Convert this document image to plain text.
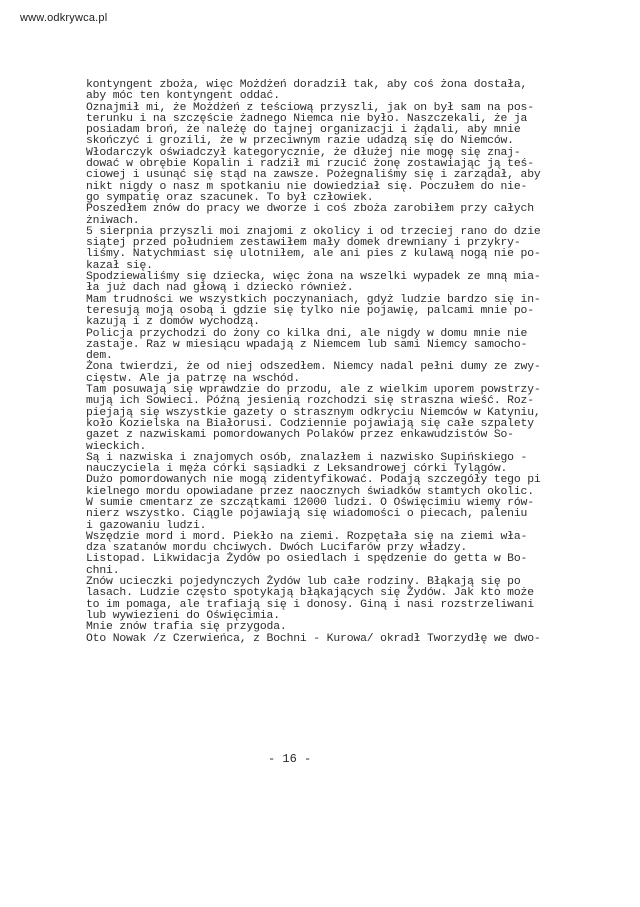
www.odkrywca.pl
kontyngent zboża, więc Możdżeń doradził tak, aby coś żona dostała,
aby móc ten kontyngent oddać.
Oznajmił mi, że Możdżeń z teściową przyszli, jak on był sam na pos-
terunku i na szczęście żadnego Niemca nie było. Naszczekali, że ja
posiadam broń, że należę do tajnej organizacji i żądali, aby mnie
skończyć i grozili, że w przeciwnym razie udadzą się do Niemców.
Włodarczyk oświadczył kategorycznie, że dłużej nie mogę się znaj-
dować w obrębie Kopalin i radził mi rzucić żonę zostawiając ją teś-
ciowej i usunąć się stąd na zawsze. Pożegnaliśmy się i zarządał, aby
nikt nigdy o nasz m spotkaniu nie dowiedział się. Poczułem do nie-
go sympatię oraz szacunek. To był człowiek.
Poszedłem znów do pracy we dworze i coś zboża zarobiłem przy całych
żniwach.
5 sierpnia przyszli moi znajomi z okolicy i od trzeciej rano do dzie
siątej przed południem zestawiłem mały domek drewniany i przykry-
liśmy. Natychmiast się ulotniłem, ale ani pies z kulawą nogą nie po-
kazał się.
Spodziewaliśmy się dziecka, więc żona na wszelki wypadek ze mną mia-
ła już dach nad głową i dziecko również.
Mam trudności we wszystkich poczynaniach, gdyż ludzie bardzo się in-
teresują moją osobą i gdzie się tylko nie pojawię, palcami mnie po-
kazują i z domów wychodzą.
Policja przychodzi do żony co kilka dni, ale nigdy w domu mnie nie
zastaje. Raz w miesiącu wpadają z Niemcem lub sami Niemcy samocho-
dem.
Żona twierdzi, że od niej odszedłem. Niemcy nadal pełni dumy ze zwy-
cięstw. Ale ja patrzę na wschód.
Tam posuwają się wprawdzie do przodu, ale z wielkim uporem powstrzy-
mują ich Sowieci. Późną jesienią rozchodzi się straszna wieść. Roz-
piejają się wszystkie gazety o strasznym odkryciu Niemców w Katyniu,
koło Kozielska na Białorusi. Codziennie pojawiają się całe szpalety
gazet z nazwiskami pomordowanych Polaków przez enkawudzistów So-
wieckich.
Są i nazwiska i znajomych osób, znalazłem i nazwisko Supińskiego -
nauczyciela i męża córki sąsiadki z Leksandrowej córki Tylągów.
Dużo pomordowanych nie mogą zidentyfikować. Podają szczegóły tego pi
kielnego mordu opowiadane przez naocznych świadków stamtych okolic.
W sumie cmentarz ze szczątkami 12000 ludzi. O Oświęcimiu wiemy rów-
nierz wszystko. Ciągle pojawiają się wiadomości o piecach, paleniu
i gazowaniu ludzi.
Wszędzie mord i mord. Piekło na ziemi. Rozpętała się na ziemi wła-
dza szatanów mordu chciwych. Dwóch Lucifarów przy władzy.
Listopad. Likwidacja Żydów po osiedlach i spędzenie do getta w Bo-
chni.
Znów ucieczki pojedynczych Żydów lub całe rodziny. Błąkają się po
lasach. Ludzie często spotykają błąkających się Żydów. Jak kto może
to im pomaga, ale trafiają się i donosy. Giną i nasi rozstrzeliwani
lub wywiezieni do Oświęcimia.
Mnie znów trafia się przygoda.
Oto Nowak /z Czerwieńca, z Bochni - Kurowa/ okradł Tworzydłę we dwo-
- 16 -
